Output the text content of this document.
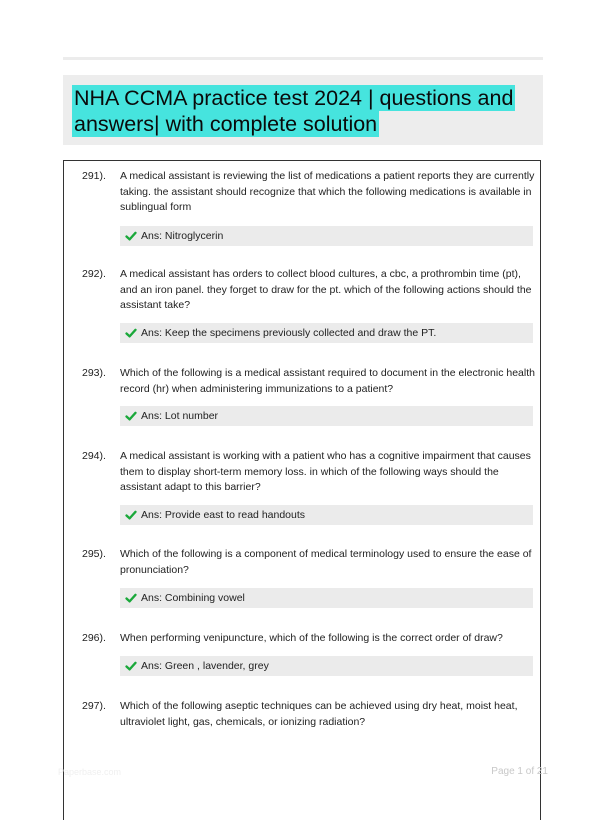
NHA CCMA practice test 2024 | questions and answers| with complete solution
291). A medical assistant is reviewing the list of medications a patient reports they are currently taking. the assistant should recognize that which the following medications is available in sublingual form

Ans: Nitroglycerin
292). A medical assistant has orders to collect blood cultures, a cbc, a prothrombin time (pt), and an iron panel. they forget to draw for the pt. which of the following actions should the assistant take?

Ans: Keep the specimens previously collected and draw the PT.
293). Which of the following is a medical assistant required to document in the electronic health record (hr) when administering immunizations to a patient?

Ans: Lot number
294). A medical assistant is working with a patient who has a cognitive impairment that causes them to display short-term memory loss. in which of the following ways should the assistant adapt to this barrier?

Ans: Provide east to read handouts
295). Which of the following is a component of medical terminology used to ensure the ease of pronunciation?

Ans: Combining vowel
296). When performing venipuncture, which of the following is the correct order of draw?

Ans: Green , lavender, grey
297). Which of the following aseptic techniques can be achieved using dry heat, moist heat, ultraviolet light, gas, chemicals, or ionizing radiation?

Paperbase.com	Page 1 of 21
